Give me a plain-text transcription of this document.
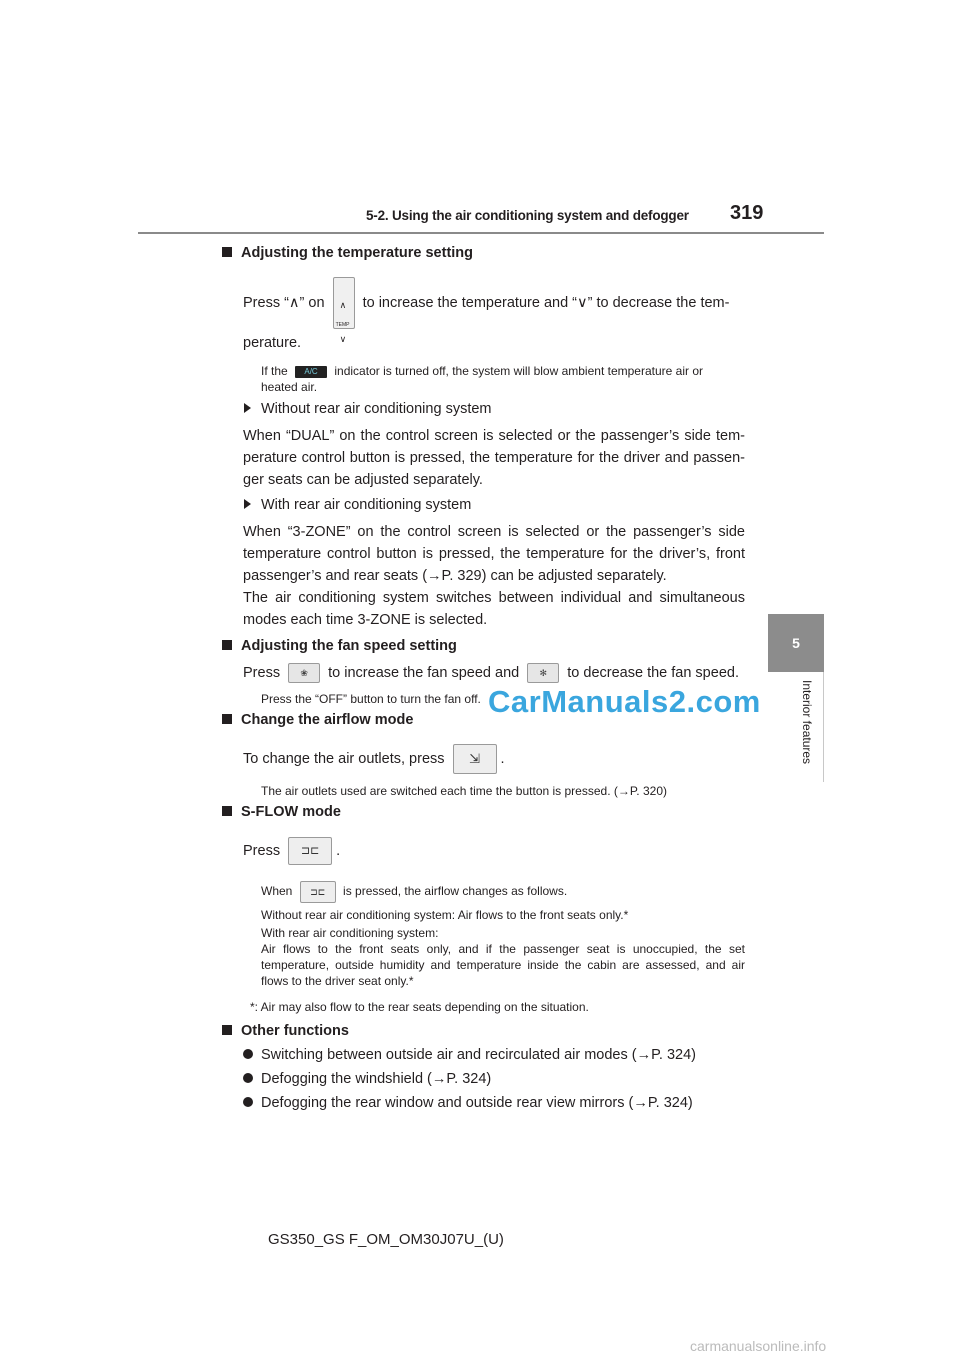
5-2. Using the air conditioning system and defogger 319
5
Interior features
Adjusting the temperature setting
Press “∧” on ∧
TEMP
∨
to increase the temperature and “∨” to decrease the tem-
perature.
If the A/C indicator is turned off, the system will blow ambient temperature air or
heated air.
Without rear air conditioning system
When “DUAL” on the control screen is selected or the passenger’s side tem- perature control button is pressed, the temperature for the driver and passen- ger seats can be adjusted separately.
With rear air conditioning system
When “3-ZONE” on the control screen is selected or the passenger’s side temperature control button is pressed, the temperature for the driver’s, front passenger’s and rear seats (→P. 329) can be adjusted separately.
The air conditioning system switches between individual and simultaneous modes each time 3-ZONE is selected.
Adjusting the fan speed setting
Press ❀ to increase the fan speed and ✻ to decrease the fan speed.
Press the “OFF” button to turn the fan off. CarManuals2.com
Change the airflow mode
To change the air outlets, press ⇲ .
The air outlets used are switched each time the button is pressed. (→P. 320)
S-FLOW mode
Press ⊐⊏ .
When ⊐⊏ is pressed, the airflow changes as follows.
Without rear air conditioning system: Air flows to the front seats only.*
With rear air conditioning system:
Air flows to the front seats only, and if the passenger seat is unoccupied, the set temperature, outside humidity and temperature inside the cabin are assessed, and air flows to the driver seat only.*
*: Air may also flow to the rear seats depending on the situation.
Other functions
Switching between outside air and recirculated air modes (→P. 324)
Defogging the windshield (→P. 324)
Defogging the rear window and outside rear view mirrors (→P. 324)
GS350_GS F_OM_OM30J07U_(U)
carmanualsonline.info
